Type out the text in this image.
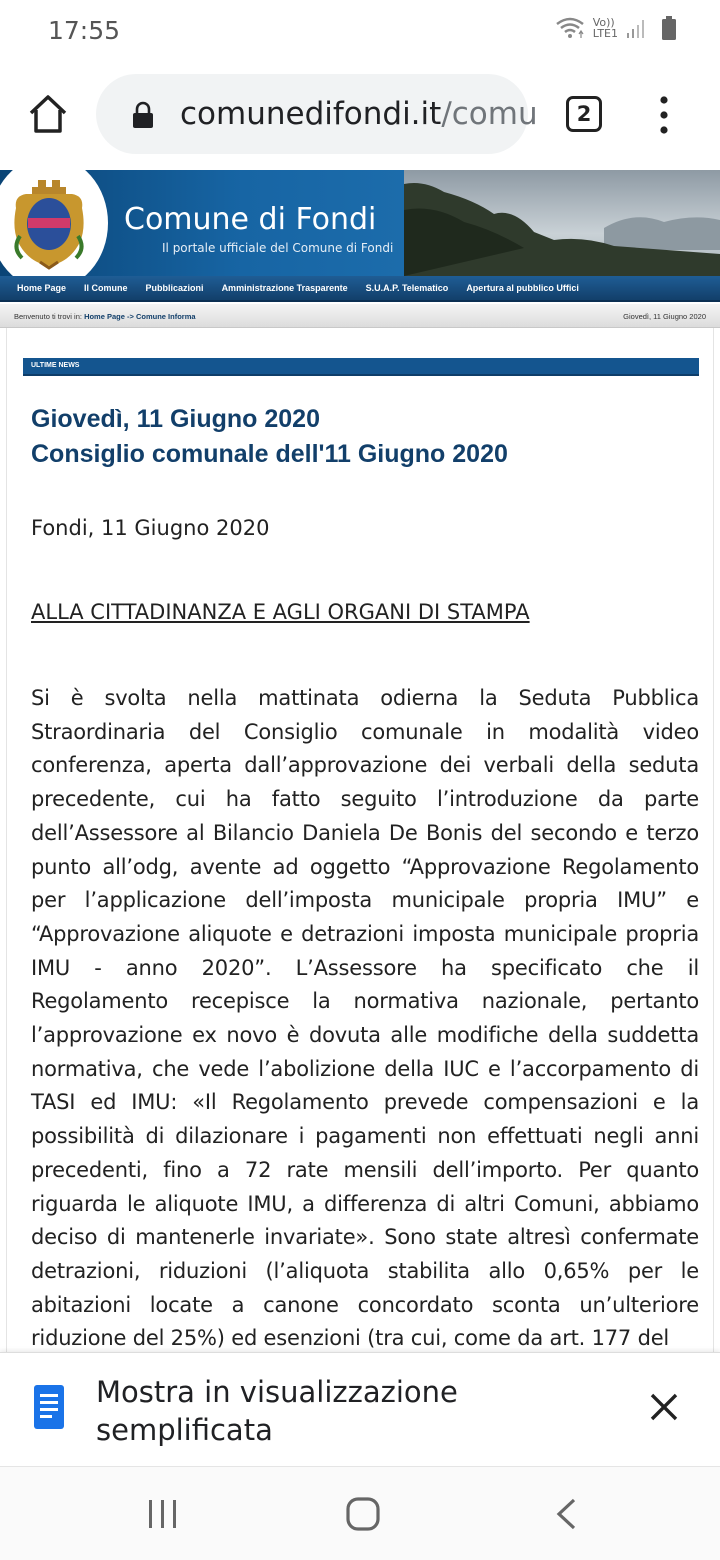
17:55	Vo))
LTE1
comunedifondi.it/comu	2
Comune di Fondi
Il portale ufficiale del Comune di Fondi
Home Page	Il Comune	Pubblicazioni	Amministrazione Trasparente	S.U.A.P. Telematico	Apertura al pubblico Uffici
Benvenuto ti trovi in: Home Page -> Comune Informa	Giovedì, 11 Giugno 2020
ULTIME NEWS
Giovedì, 11 Giugno 2020
Consiglio comunale dell'11 Giugno 2020
Fondi, 11 Giugno 2020
ALLA CITTADINANZA E AGLI ORGANI DI STAMPA
Si è svolta nella mattinata odierna la Seduta Pubblica Straordinaria del Consiglio comunale in modalità video conferenza, aperta dall’approvazione dei verbali della seduta precedente, cui ha fatto seguito l’introduzione da parte dell’Assessore al Bilancio Daniela De Bonis del secondo e terzo punto all’odg, avente ad oggetto “Approvazione Regolamento per l’applicazione dell’imposta municipale propria IMU” e “Approvazione aliquote e detrazioni imposta municipale propria IMU - anno 2020”. L’Assessore ha specificato che il Regolamento recepisce la normativa nazionale, pertanto l’approvazione ex novo è dovuta alle modifiche della suddetta normativa, che vede l’abolizione della IUC e l’accorpamento di TASI ed IMU: «Il Regolamento prevede compensazioni e la possibilità di dilazionare i pagamenti non effettuati negli anni precedenti, fino a 72 rate mensili dell’importo. Per quanto riguarda le aliquote IMU, a differenza di altri Comuni, abbiamo deciso di mantenerle invariate». Sono state altresì confermate detrazioni, riduzioni (l’aliquota stabilita allo 0,65% per le abitazioni locate a canone concordato sconta un’ulteriore riduzione del 25%) ed esenzioni (tra cui, come da art. 177 del
Mostra in visualizzazione semplificata
